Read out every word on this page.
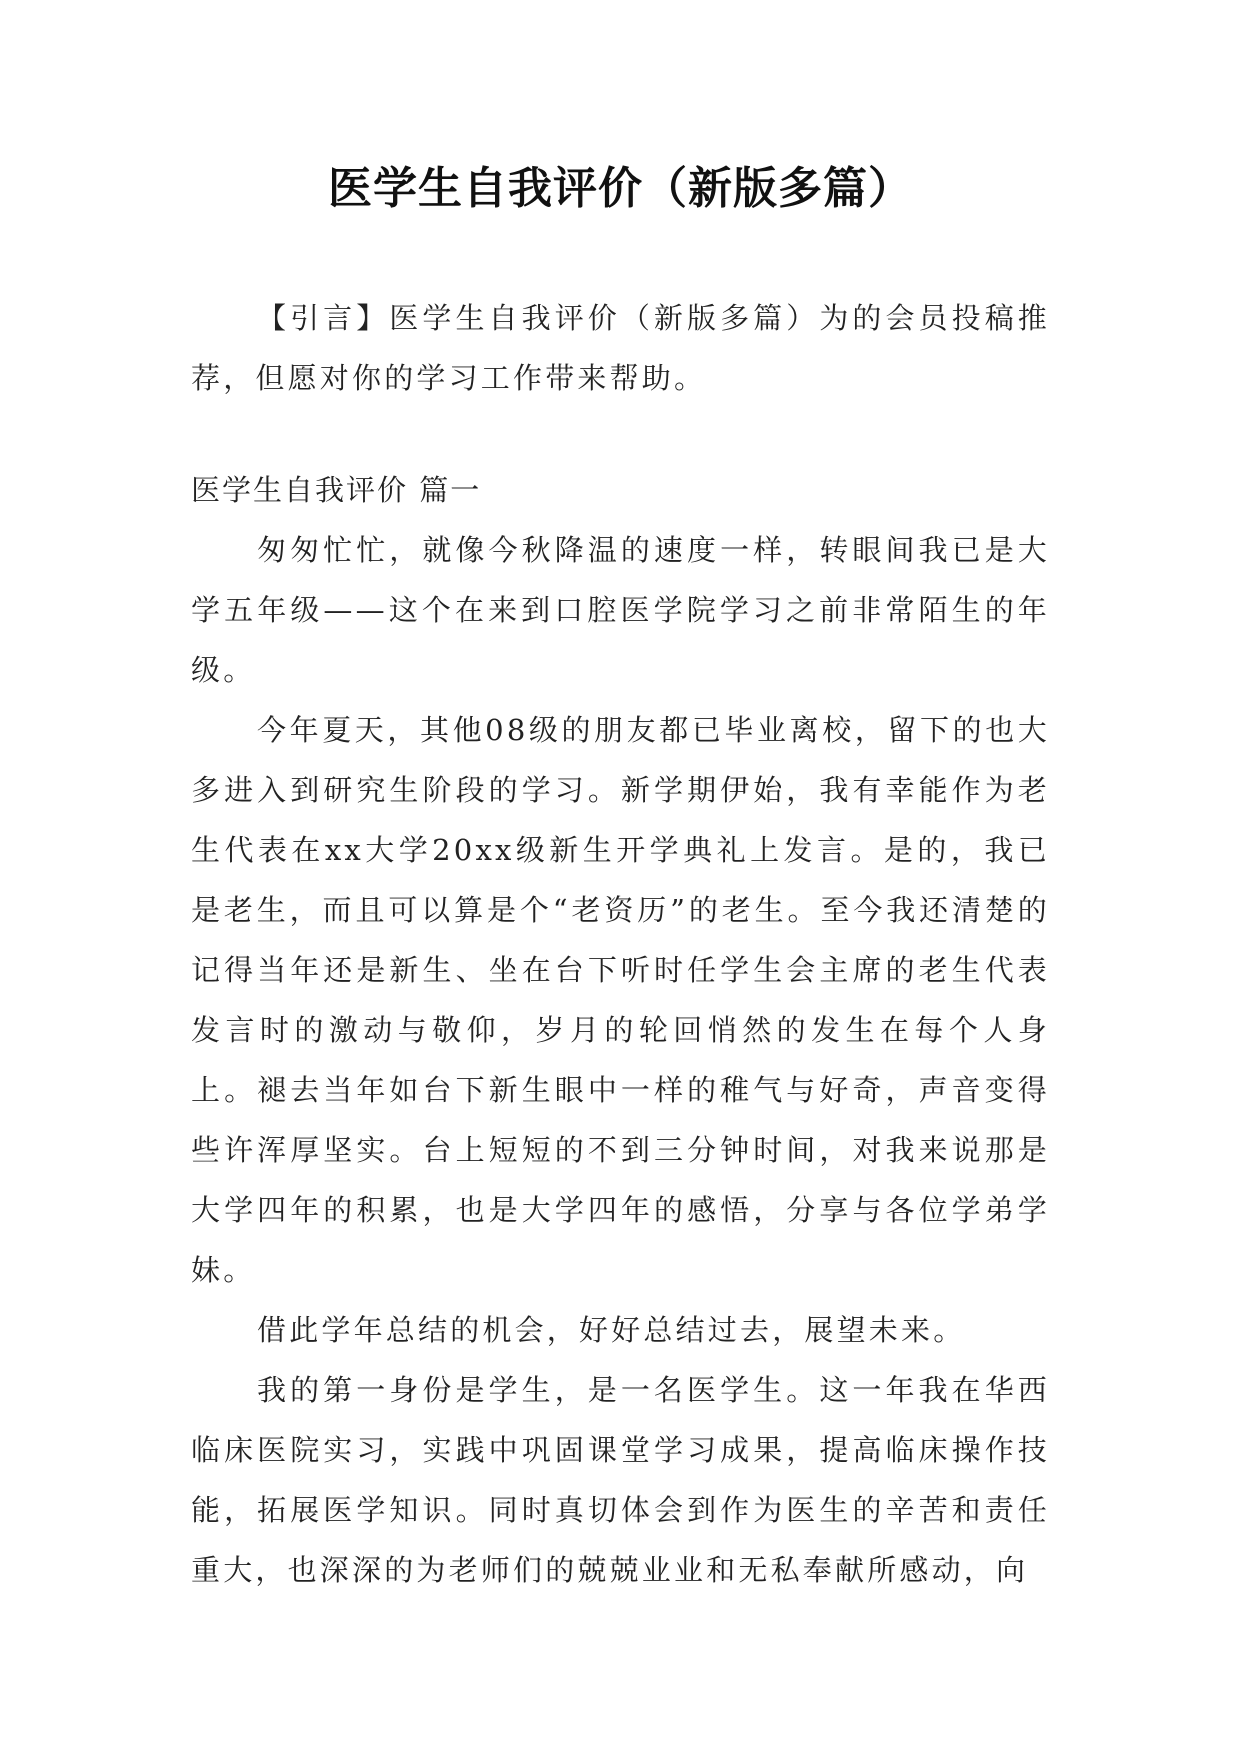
医学生自我评价（新版多篇）

【引言】医学生自我评价（新版多篇）为的会员投稿推荐，但愿对你的学习工作带来帮助。

医学生自我评价 篇一

匆匆忙忙，就像今秋降温的速度一样，转眼间我已是大学五年级——这个在来到口腔医学院学习之前非常陌生的年级。

今年夏天，其他08级的朋友都已毕业离校，留下的也大多进入到研究生阶段的学习。新学期伊始，我有幸能作为老生代表在xx大学20xx级新生开学典礼上发言。是的，我已是老生，而且可以算是个“老资历”的老生。至今我还清楚的记得当年还是新生、坐在台下听时任学生会主席的老生代表发言时的激动与敬仰，岁月的轮回悄然的发生在每个人身上。褪去当年如台下新生眼中一样的稚气与好奇，声音变得些许浑厚坚实。台上短短的不到三分钟时间，对我来说那是大学四年的积累，也是大学四年的感悟，分享与各位学弟学妹。

借此学年总结的机会，好好总结过去，展望未来。

我的第一身份是学生，是一名医学生。这一年我在华西临床医院实习，实践中巩固课堂学习成果，提高临床操作技能，拓展医学知识。同时真切体会到作为医生的辛苦和责任重大，也深深的为老师们的兢兢业业和无私奉献所感动，向
